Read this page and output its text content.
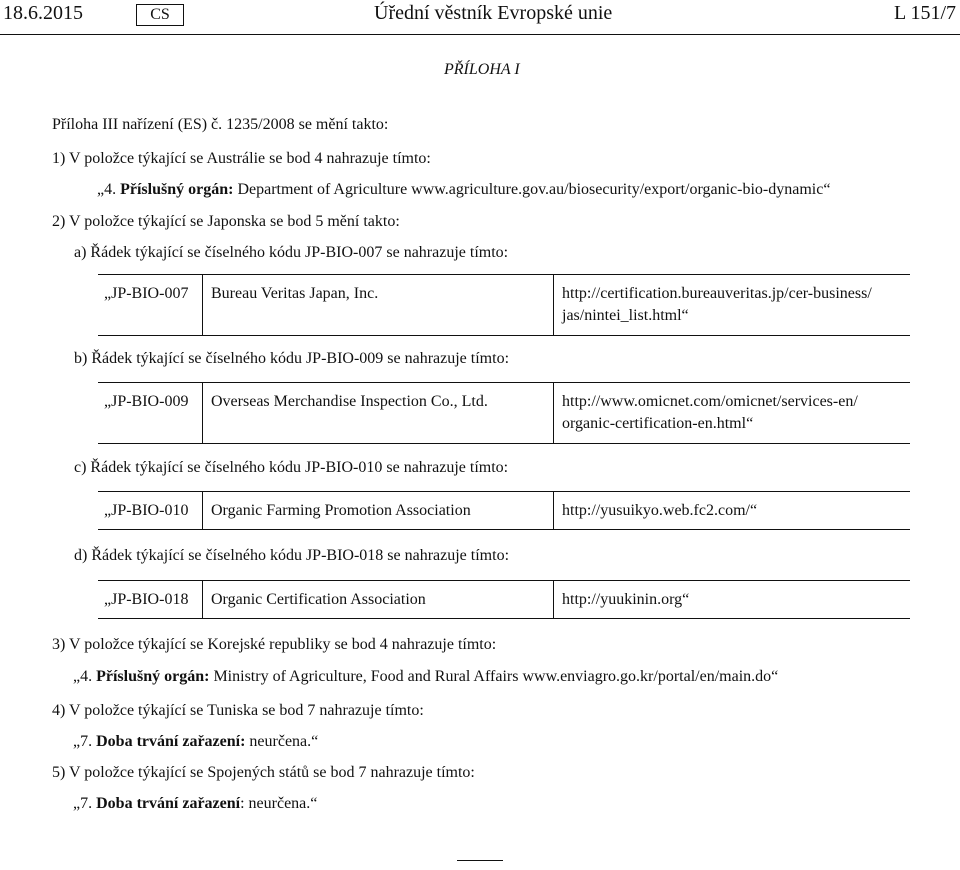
18.6.2015	CS	Úřední věstník Evropské unie	L 151/7
PŘÍLOHA I
Příloha III nařízení (ES) č. 1235/2008 se mění takto:
1) V položce týkající se Austrálie se bod 4 nahrazuje tímto:
„4. Příslušný orgán: Department of Agriculture www.agriculture.gov.au/biosecurity/export/organic-bio-dynamic“
2) V položce týkající se Japonska se bod 5 mění takto:
a) Řádek týkající se číselného kódu JP-BIO-007 se nahrazuje tímto:
„JP-BIO-007 Bureau Veritas Japan, Inc.	http://certification.bureauveritas.jp/cer-business/
jas/nintei_list.html“
b) Řádek týkající se číselného kódu JP-BIO-009 se nahrazuje tímto:
„JP-BIO-009 Overseas Merchandise Inspection Co., Ltd.	http://www.omicnet.com/omicnet/services-en/
organic-certification-en.html“
c) Řádek týkající se číselného kódu JP-BIO-010 se nahrazuje tímto:
„JP-BIO-010 Organic Farming Promotion Association	http://yusuikyo.web.fc2.com/“
d) Řádek týkající se číselného kódu JP-BIO-018 se nahrazuje tímto:
„JP-BIO-018 Organic Certification Association	http://yuukinin.org“
3) V položce týkající se Korejské republiky se bod 4 nahrazuje tímto:
„4. Příslušný orgán: Ministry of Agriculture, Food and Rural Affairs www.enviagro.go.kr/portal/en/main.do“
4) V položce týkající se Tuniska se bod 7 nahrazuje tímto:
„7. Doba trvání zařazení: neurčena.“
5) V položce týkající se Spojených států se bod 7 nahrazuje tímto:
„7. Doba trvání zařazení: neurčena.“
